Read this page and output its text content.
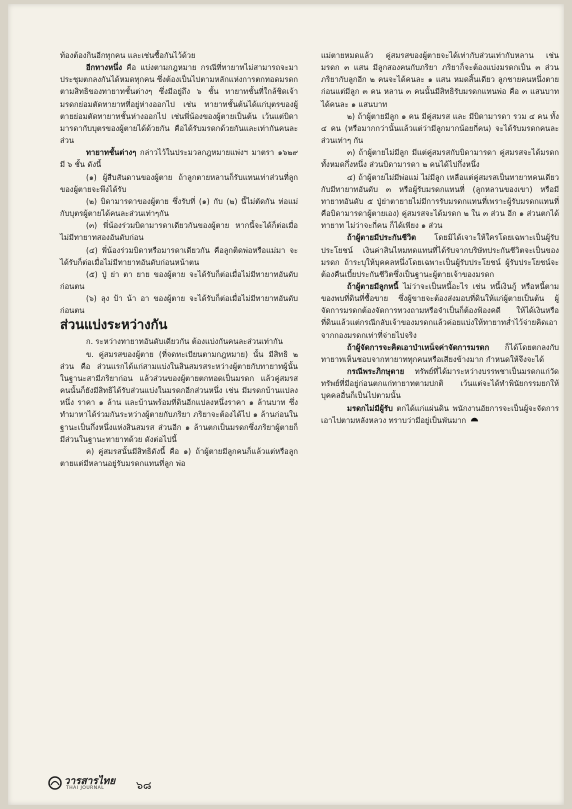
ท้องต้องกินอีกทุกคน และเช่นซื้อกันไว้ด้วย

อีกทางหนึ่ง คือ แบ่งตามกฎหมาย กรณีที่ทายาทไม่สามารถจะมาประชุมตกลงกันได้หมดทุกคน ซึ่งต้องเป็นไปตามหลักแห่งการตกทอดมรดก ตามสิทธิของทายาทชั้นต่างๆ ซึ่งมีอยู่ถึง ๖ ชั้น ทายาทชั้นที่ใกล้ชิดเจ้ามรดกย่อมตัดทายาทที่อยู่ห่างออกไป เช่น ทายาทชั้นต้นได้แก่บุตรของผู้ตายย่อมตัดทายาทชั้นห่างออกไป เช่นพี่น้องของผู้ตายเป็นต้น เว้นแต่บิดามารดากับบุตรของผู้ตายได้ด้วยกัน คือได้รับมรดกด้วยกันและเท่ากันคนละส่วน

ทายาทชั้นต่างๆ กล่าวไว้ในประมวลกฎหมายแพ่งฯ มาตรา ๑๖๒๙ มี ๖ ชั้น ดังนี้

(๑) ผู้สืบสันดานของผู้ตาย ถ้าลูกตายหลานก็รับแทนเท่าส่วนที่ลูกของผู้ตายจะพึงได้รับ

(๒) บิดามารดาของผู้ตาย ซึ่งรับที่ (๑) กับ (๒) นี้ไม่ตัดกัน ท่อแม่กับบุตรผู้ตายได้คนละส่วนเท่าๆกัน

(๓) พี่น้องร่วมบิดามารดาเดียวกันของผู้ตาย หากนี้จะได้ก็ต่อเมื่อไม่มีทายาทสองอันดับก่อน

(๔) พี่น้องร่วมบิดาหรือมารดาเดียวกัน คือลูกติดพ่อหรือแม่มา จะได้รับก็ต่อเมื่อไม่มีทายาทอันดับก่อนหน้าตน

(๕) ปู่ ย่า ตา ยาย ของผู้ตาย จะได้รับก็ต่อเมื่อไม่มีทายาทอันดับก่อนตน

(๖) ลุง ป้า น้า อา ของผู้ตาย จะได้รับก็ต่อเมื่อไม่มีทายาทอันดับก่อนตน

ส่วนแบ่งระหว่างกัน

ก. ระหว่างทายาทอันดับเดียวกัน ต้องแบ่งกันคนละส่วนเท่ากัน

ข. คู่สมรสของผู้ตาย (ที่จดทะเบียนตามกฎหมาย) นั้น มีสิทธิ ๒ ส่วน คือ ส่วนแรกได้แก่สามแบ่งในสินสมรสระหว่างผู้ตายกับทายาทผู้นั้นในฐานะสามีภริยาก่อน แล้วส่วนของผู้ตายตกทอดเป็นมรดก แล้วคู่สมรสคนนั้นก็ยังมีสิทธิได้รับส่วนแบ่งในมรดกอีกส่วนหนึ่ง เช่น มีมรดกบ้านแปลงหนึ่ง ราคา ๑ ล้าน และบ้านพร้อมที่ดินอีกแปลงหนึ่งราคา ๑ ล้านบาท ซึ่งทำมาหาได้ร่วมกันระหว่างผู้ตายกับภริยา ภริยาจะต้องได้ไป ๑ ล้านก่อนในฐานะเป็นกึ่งหนึ่งแห่งสินสมรส ส่วนอีก ๑ ล้านตกเป็นมรดกซึ่งภริยาผู้ตายก็มีส่วนในฐานะทายาทด้วย ดังต่อไปนี้

ค) คู่สมรสนั้นมีสิทธิดังนี้ คือ ๑) ถ้าผู้ตายมีลูกคนก็แล้วแต่หรือลูกตายแต่มีหลานอยู่รับมรดกแทนที่ลูก พ่อ

แม่ตายหมดแล้ว คู่สมรสของผู้ตายจะได้เท่ากับส่วนเท่ากับหลาน เช่น มรดก ๓ แสน มีลูกสองคนกับภริยา ภริยาก็จะต้องแบ่งมรดกเป็น ๓ ส่วน ภริยากับลูกอีก ๒ คนจะได้คนละ ๑ แสน หมดสิ้นเดียว ลูกชายคนหนึ่งตายก่อนแต่มีลูก ๓ คน หลาน ๓ คนนั้นมีสิทธิรับมรดกแทนพ่อ คือ ๓ แสนบาทได้คนละ ๑ แสนบาท

๒) ถ้าผู้ตายมีลูก ๑ คน มีคู่สมรส และ มีบิดามารดา รวม ๔ คน ทั้ง ๔ คน (หรือมากกว่านั้นแล้วแต่ว่ามีลูกมากน้อยกี่คน) จะได้รับมรดกคนละส่วนเท่าๆ กัน

๓) ถ้าผู้ตายไม่มีลูก มีแต่คู่สมรสกับบิดามารดา คู่สมรสจะได้มรดกทั้งหมดกึ่งหนึ่ง ส่วนบิดามารดา ๒ คนได้ไปกึ่งหนึ่ง

๔) ถ้าผู้ตายไม่มีพ่อแม่ ไม่มีลูก เหลือแต่คู่สมรสเป็นทายาทคนเดียว กับมีทายาทอันดับ ๓ หรือผู้รับมรดกแทนที่ (ลูกหลานของเขา) หรือมีทายาทอันดับ ๕ ปู่ย่าตายายไม่มีการรับมรดกแทนที่เพราะผู้รับมรดกแทนที่คือบิดามารดาผู้ตายเอง) คู่สมรสจะได้มรดก ๒ ใน ๓ ส่วน อีก ๑ ส่วนตกได้ทายาท ไม่ว่าจะกี่คน ก็ได้เพียง ๑ ส่วน

ถ้าผู้ตายมีประกันชีวิต โดยมิได้เจาะให้ใครโดยเฉพาะเป็นผู้รับประโยชน์ เงินค่าสินไหมทดแทนที่ได้รับจากบริษัทประกันชีวิตจะเป็นของมรดก ถ้าระบุให้บุคคลหนึ่งโดยเฉพาะเป็นผู้รับประโยชน์ ผู้รับประโยชน์จะต้องคืนเบี้ยประกันชีวิตซึ่งเป็นฐานะผู้ตายเจ้าของมรดก

ถ้าผู้ตายมีลูกหนี้ ไม่ว่าจะเป็นหนี้อะไร เช่น หนี้เงินกู้ หรือหนี้ตามของพบที่ดินที่ซื้อขาย ซึ่งผู้ขายจะต้องส่งมอบที่ดินให้แก่ผู้ตายเป็นต้น ผู้จัดการมรดกต้องจัดการทวงถามหรือจำเป็นก็ต้องฟ้องคดี ให้ได้เงินหรือที่ดินแล้วแต่กรณีกลับเจ้าของมรดกแล้วค่อยแบ่งให้ทายาทส่ำไว้จ่ายคิดเอาจากกองมรดกเท่าที่จ่ายไปจริง

ถ้าผู้จัดการจะคิดเอาบำเหน็จค่าจัดการมรดก ก็ได้โดยตกลงกับทายาทเห็นชอบจากทายาททุกคนหรือเสียงข้างมาก กำหนดให้จึงจะได้

กรณีพระภิกษุตาย ทรัพย์ที่ได้มาระหว่างบรรพชาเป็นมรดกแก่วัด ทรัพย์ที่มีอยู่ก่อนตกแก่ทายาทตามปกติ เว้นแต่จะได้ทำพินัยกรรมยกให้บุคคลอื่นก็เป็นไปตามนั้น

มรดกไม่มีผู้รับ ตกได้แก่แผ่นดิน พนักงานอัยการจะเป็นผู้จะจัดการเอาไปตามหลังหลวง ทราบว่ามีอยู่เป็นพันมาก

วารสารไทย
THAI JOURNAL	๖๘
